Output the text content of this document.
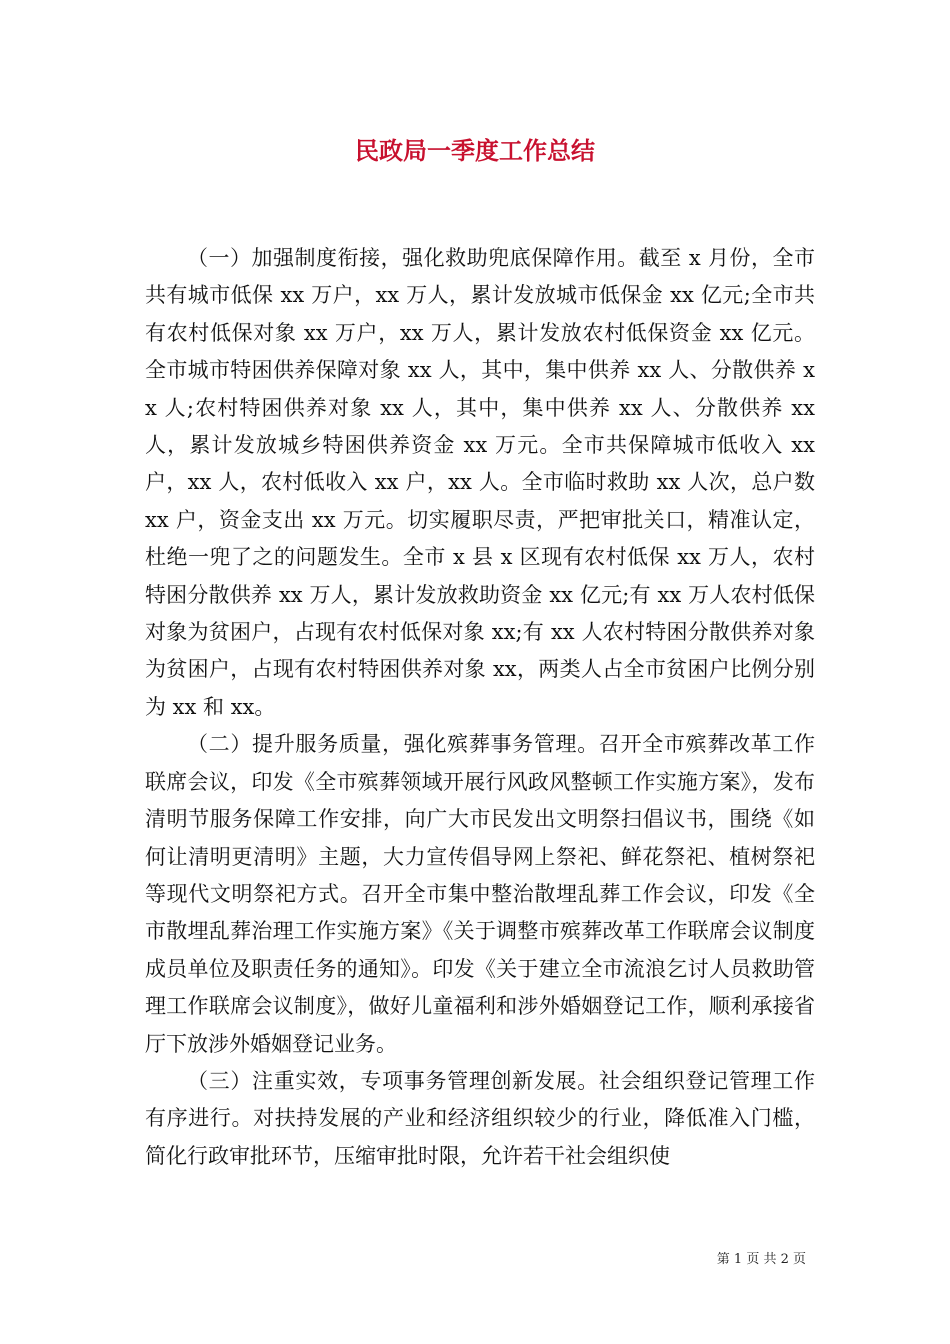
民政局一季度工作总结

（一）加强制度衔接，强化救助兜底保障作用。截至 x 月份，全市共有城市低保 xx 万户，xx 万人，累计发放城市低保金 xx 亿元;全市共有农村低保对象 xx 万户，xx 万人，累计发放农村低保资金 xx 亿元。全市城市特困供养保障对象 xx 人，其中，集中供养 xx 人、分散供养 xx 人;农村特困供养对象 xx 人，其中，集中供养 xx 人、分散供养 xx 人，累计发放城乡特困供养资金 xx 万元。全市共保障城市低收入 xx 户，xx 人，农村低收入 xx 户，xx 人。全市临时救助 xx 人次，总户数 xx 户，资金支出 xx 万元。切实履职尽责，严把审批关口，精准认定，杜绝一兜了之的问题发生。全市 x 县 x 区现有农村低保 xx 万人，农村特困分散供养 xx 万人，累计发放救助资金 xx 亿元;有 xx 万人农村低保对象为贫困户，占现有农村低保对象 xx;有 xx 人农村特困分散供养对象为贫困户，占现有农村特困供养对象 xx，两类人占全市贫困户比例分别为 xx 和 xx。

（二）提升服务质量，强化殡葬事务管理。召开全市殡葬改革工作联席会议，印发《全市殡葬领域开展行风政风整顿工作实施方案》，发布清明节服务保障工作安排，向广大市民发出文明祭扫倡议书，围绕《如何让清明更清明》主题，大力宣传倡导网上祭祀、鲜花祭祀、植树祭祀等现代文明祭祀方式。召开全市集中整治散埋乱葬工作会议，印发《全市散埋乱葬治理工作实施方案》《关于调整市殡葬改革工作联席会议制度成员单位及职责任务的通知》。印发《关于建立全市流浪乞讨人员救助管理工作联席会议制度》，做好儿童福利和涉外婚姻登记工作，顺利承接省厅下放涉外婚姻登记业务。

（三）注重实效，专项事务管理创新发展。社会组织登记管理工作有序进行。对扶持发展的产业和经济组织较少的行业，降低准入门槛，简化行政审批环节，压缩审批时限，允许若干社会组织使

第 1 页 共 2 页
